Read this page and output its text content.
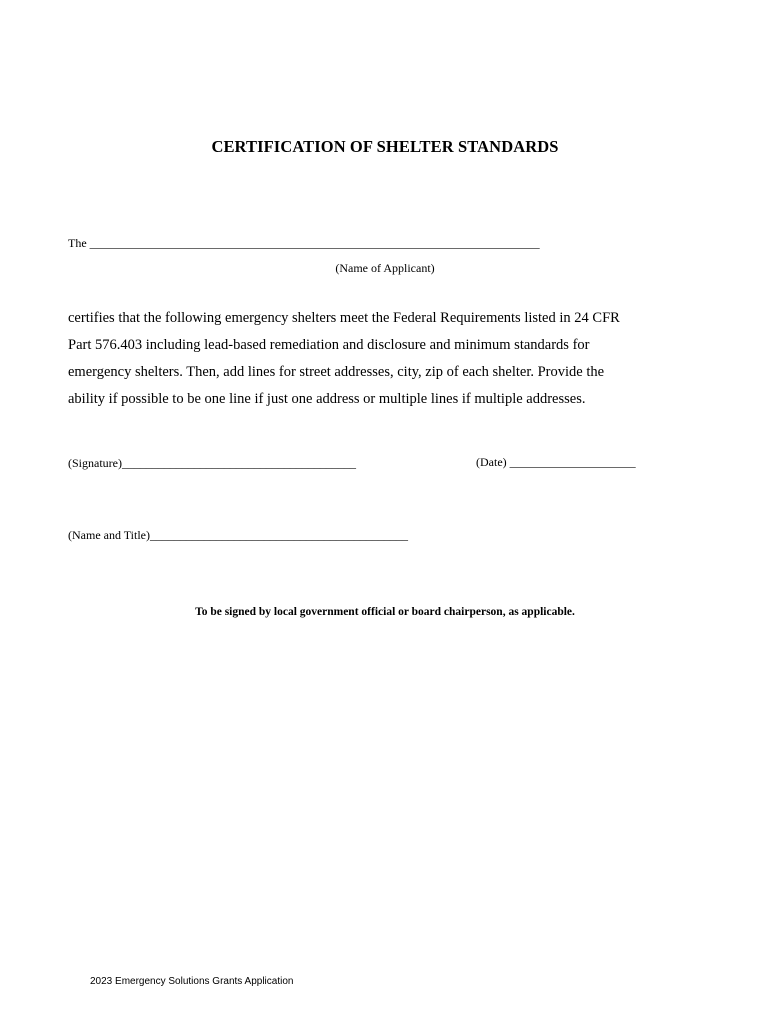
CERTIFICATION OF SHELTER STANDARDS
The ___________________________________________________________________________
(Name of Applicant)
certifies that the following emergency shelters meet the Federal Requirements listed in 24 CFR
Part 576.403 including lead-based remediation and disclosure and minimum standards for
emergency shelters. Then, add lines for street addresses, city, zip of each shelter. Provide the
ability if possible to be one line if just one address or multiple lines if multiple addresses.
(Signature)_______________________________________	(Date) _____________________
(Name and Title)___________________________________________
To be signed by local government official or board chairperson, as applicable.
2023 Emergency Solutions Grants Application
